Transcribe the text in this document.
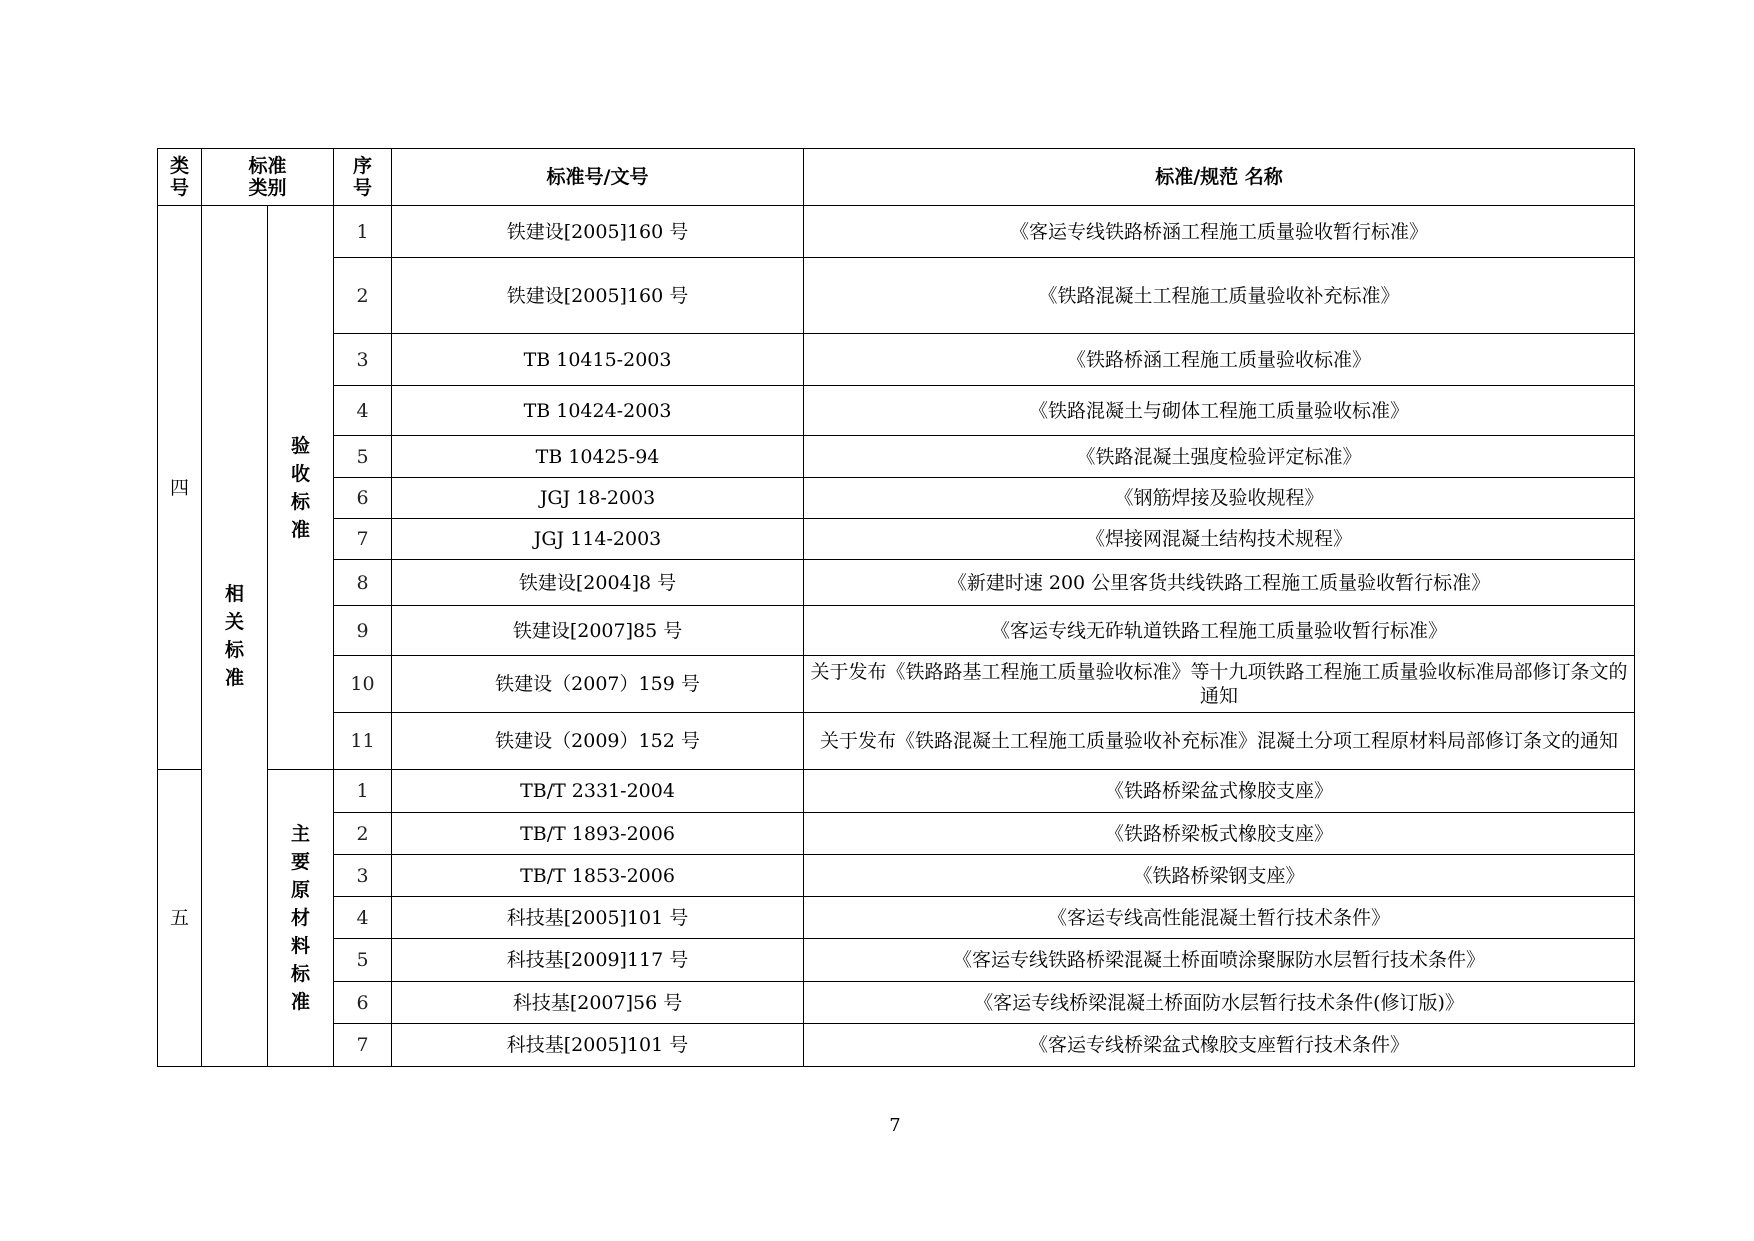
类号	标准类别		序号	标准号/文号	标准/规范 名称
四	相关标准	验收标准	1	铁建设[2005]160 号	《客运专线铁路桥涵工程施工质量验收暂行标准》
			2	铁建设[2005]160 号	《铁路混凝土工程施工质量验收补充标准》
			3	TB 10415-2003	《铁路桥涵工程施工质量验收标准》
			4	TB 10424-2003	《铁路混凝土与砌体工程施工质量验收标准》
			5	TB 10425-94	《铁路混凝土强度检验评定标准》
			6	JGJ 18-2003	《钢筋焊接及验收规程》
			7	JGJ 114-2003	《焊接网混凝土结构技术规程》
			8	铁建设[2004]8 号	《新建时速 200 公里客货共线铁路工程施工质量验收暂行标准》
			9	铁建设[2007]85 号	《客运专线无砟轨道铁路工程施工质量验收暂行标准》
			10	铁建设（2007）159 号	关于发布《铁路路基工程施工质量验收标准》等十九项铁路工程施工质量验收标准局部修订条文的通知
			11	铁建设（2009）152 号	关于发布《铁路混凝土工程施工质量验收补充标准》混凝土分项工程原材料局部修订条文的通知
五		主要原材料标准	1	TB/T 2331-2004	《铁路桥梁盆式橡胶支座》
			2	TB/T 1893-2006	《铁路桥梁板式橡胶支座》
			3	TB/T 1853-2006	《铁路桥梁钢支座》
			4	科技基[2005]101 号	《客运专线高性能混凝土暂行技术条件》
			5	科技基[2009]117 号	《客运专线铁路桥梁混凝土桥面喷涂聚脲防水层暂行技术条件》
			6	科技基[2007]56 号	《客运专线桥梁混凝土桥面防水层暂行技术条件(修订版)》
			7	科技基[2005]101 号	《客运专线桥梁盆式橡胶支座暂行技术条件》
7
